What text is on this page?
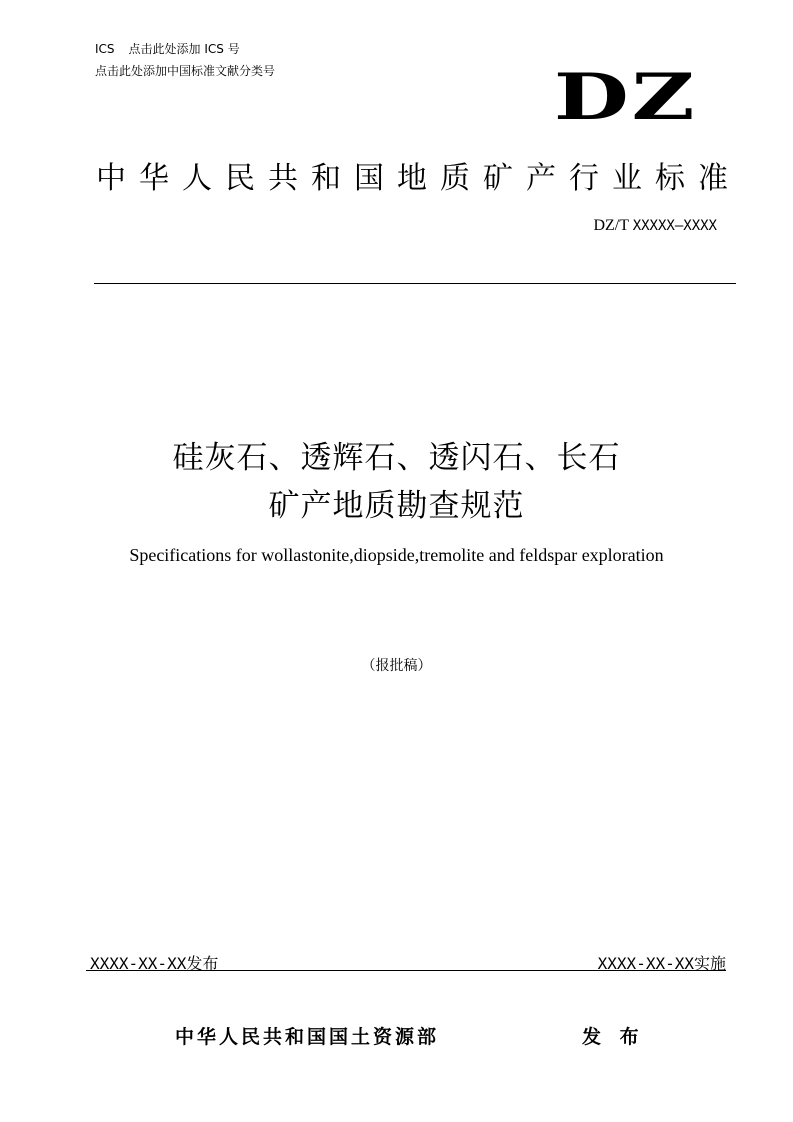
ICS 点击此处添加 ICS 号
点击此处添加中国标准文献分类号	DZ
中华人民共和国地质矿产行业标准
DZ/T XXXXX—XXXX
硅灰石、透辉石、透闪石、长石
矿产地质勘查规范
Specifications for wollastonite,diopside,tremolite and feldspar exploration
（报批稿）
XXXX-XX-XX发布	XXXX-XX-XX实施
中华人民共和国国土资源部	发 布
